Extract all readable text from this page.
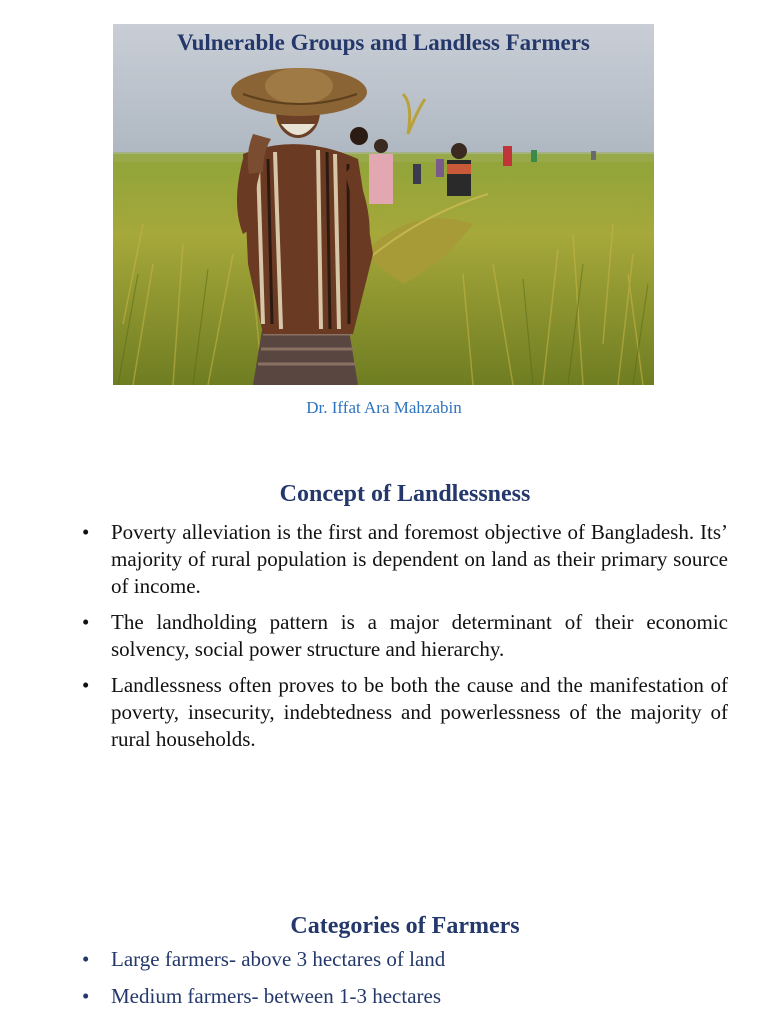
Vulnerable Groups and Landless Farmers
Dr. Iffat Ara Mahzabin
Concept of Landlessness
• Poverty alleviation is the first and foremost objective of Bangladesh. Its’ majority of rural population is dependent on land as their primary source of income.
• The landholding pattern is a major determinant of their economic solvency, social power structure and hierarchy.
• Landlessness often proves to be both the cause and the manifestation of poverty, insecurity, indebtedness and powerlessness of the majority of rural households.
Categories of Farmers
• Large farmers- above 3 hectares of land
• Medium farmers- between 1-3 hectares
